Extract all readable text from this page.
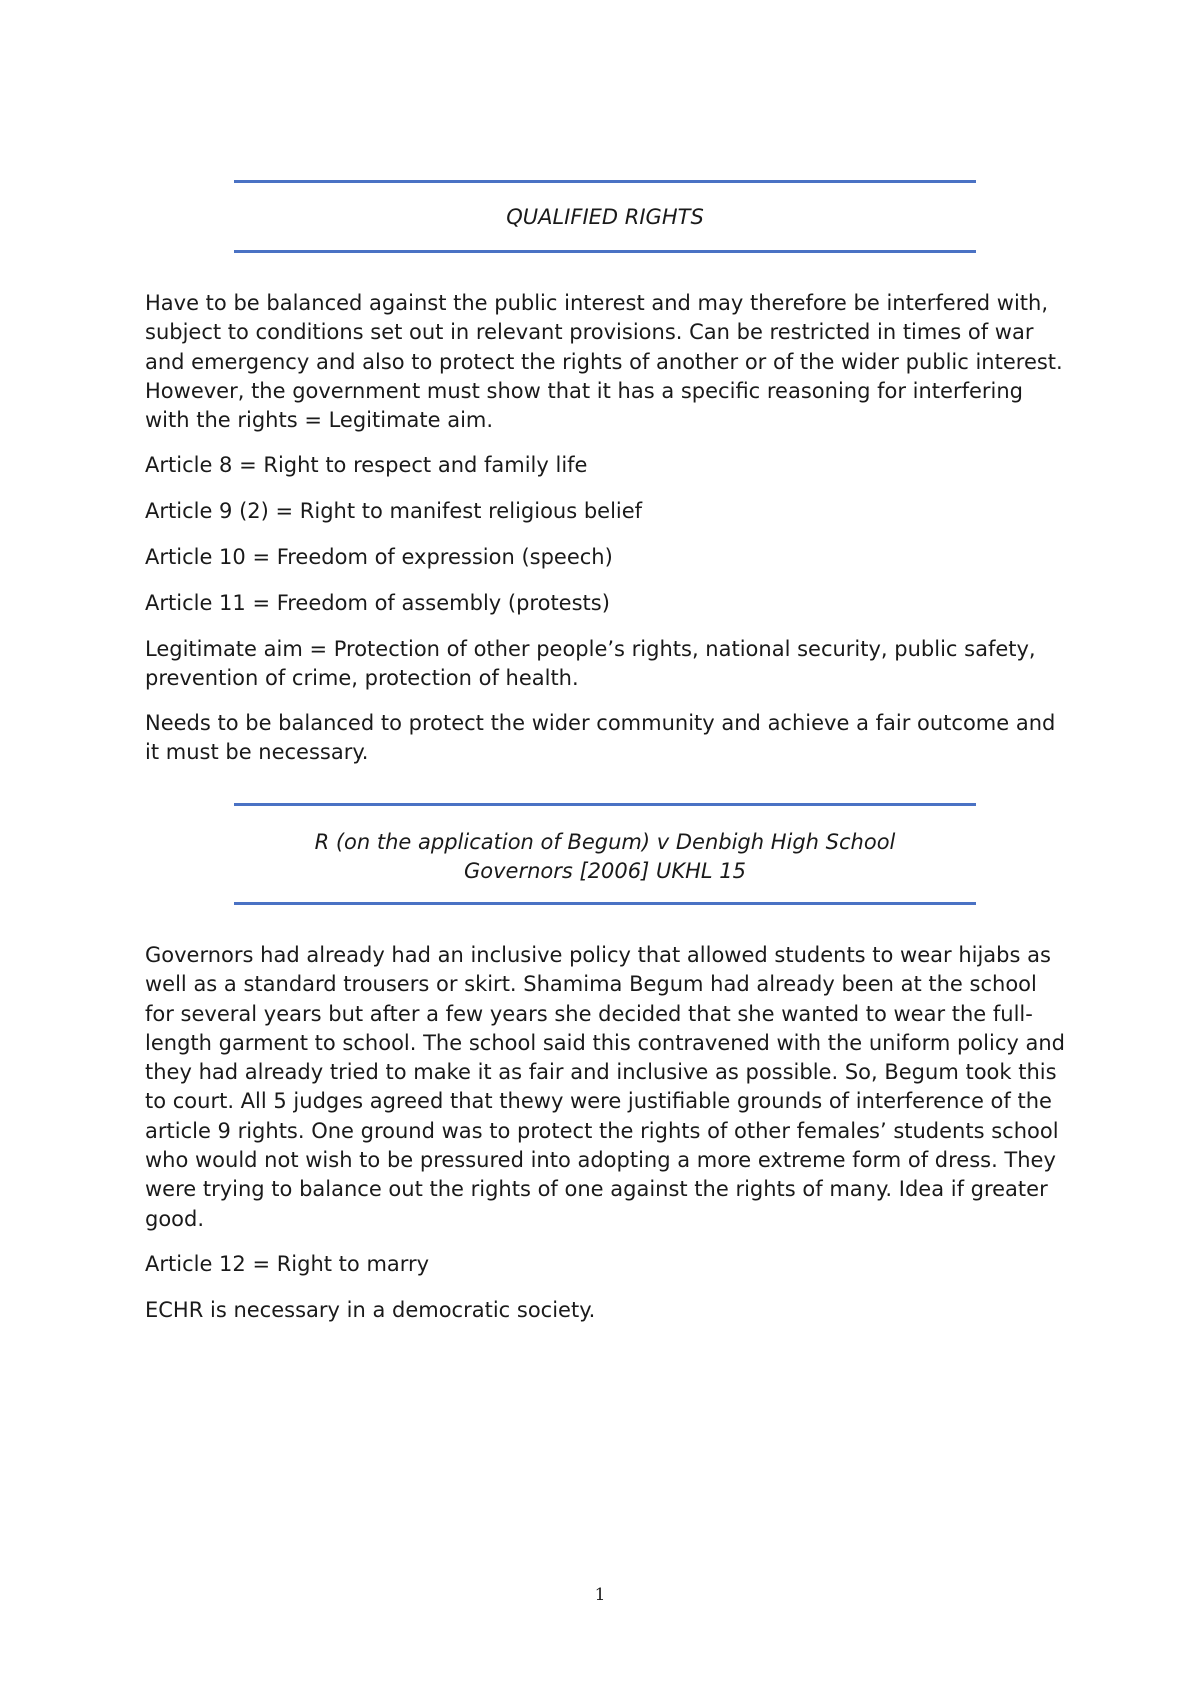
QUALIFIED RIGHTS

Have to be balanced against the public interest and may therefore be interfered with, subject to conditions set out in relevant provisions. Can be restricted in times of war and emergency and also to protect the rights of another or of the wider public interest. However, the government must show that it has a specific reasoning for interfering with the rights = Legitimate aim.

Article 8 = Right to respect and family life

Article 9 (2) = Right to manifest religious belief

Article 10 = Freedom of expression (speech)

Article 11 = Freedom of assembly (protests)

Legitimate aim = Protection of other people’s rights, national security, public safety, prevention of crime, protection of health.

Needs to be balanced to protect the wider community and achieve a fair outcome and it must be necessary.

R (on the application of Begum) v Denbigh High School
Governors [2006] UKHL 15

Governors had already had an inclusive policy that allowed students to wear hijabs as well as a standard trousers or skirt. Shamima Begum had already been at the school for several years but after a few years she decided that she wanted to wear the full-length garment to school. The school said this contravened with the uniform policy and they had already tried to make it as fair and inclusive as possible. So, Begum took this to court. All 5 judges agreed that thewy were justifiable grounds of interference of the article 9 rights. One ground was to protect the rights of other females’ students school who would not wish to be pressured into adopting a more extreme form of dress. They were trying to balance out the rights of one against the rights of many. Idea if greater good.

Article 12 = Right to marry

ECHR is necessary in a democratic society.

1
